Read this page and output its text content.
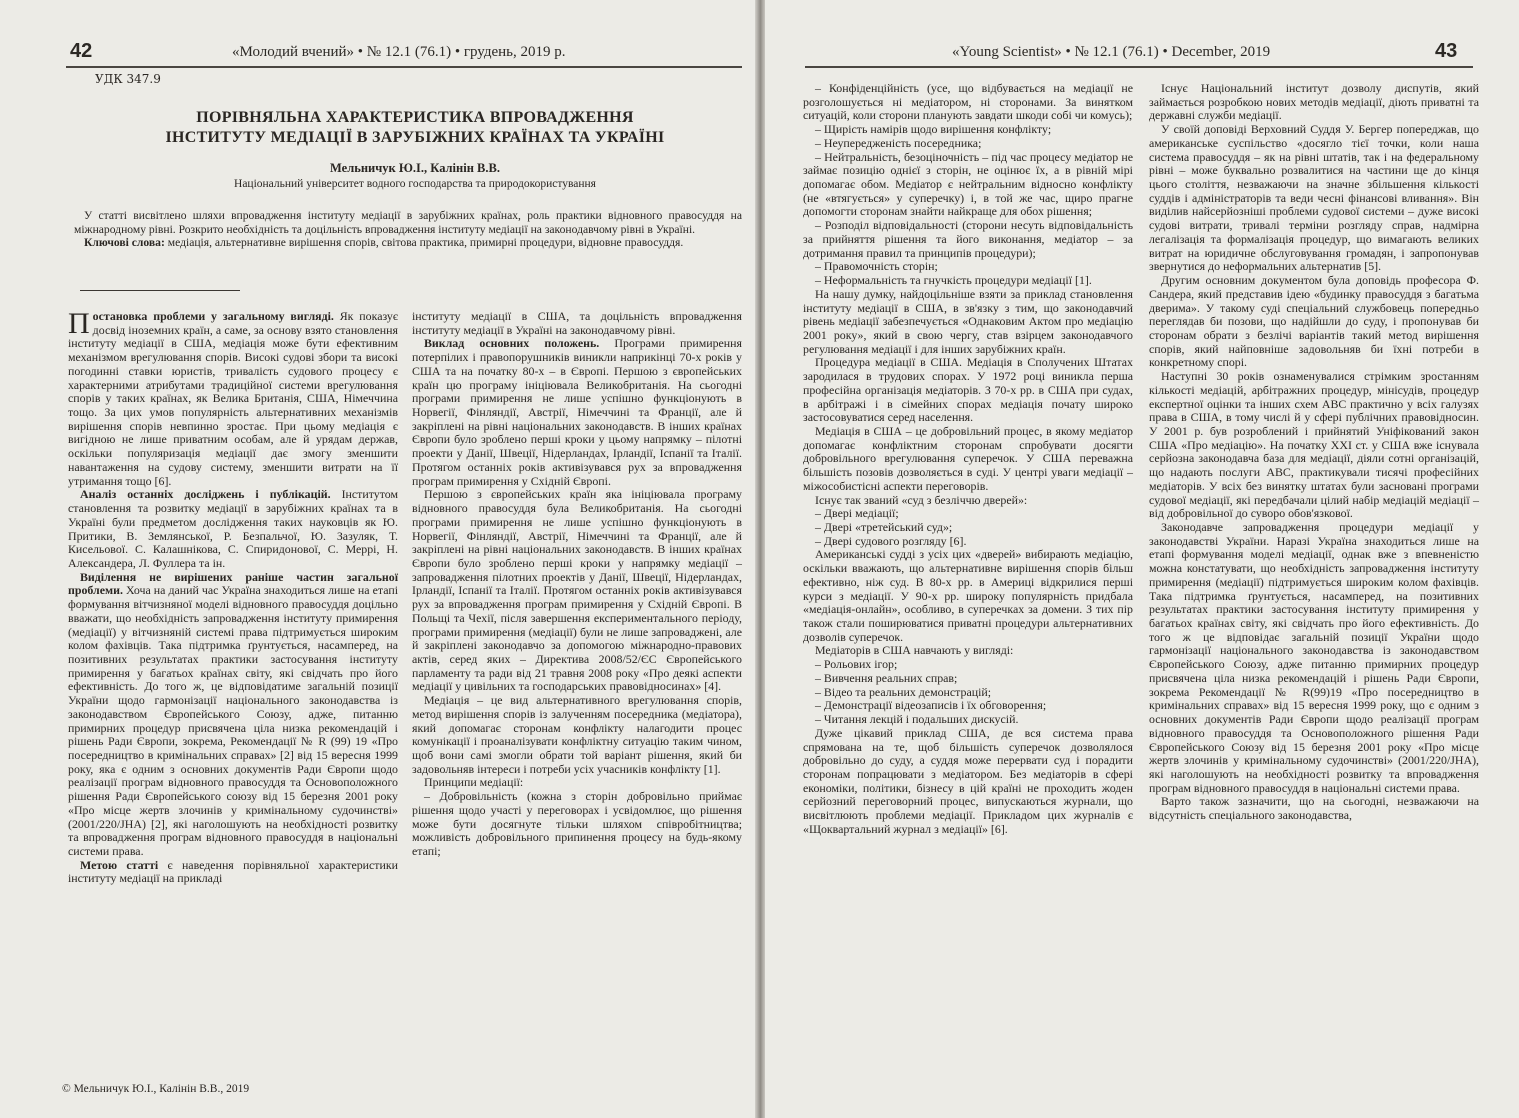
42	«Молодий вчений» • № 12.1 (76.1) • грудень, 2019 р.
УДК 347.9
ПОРІВНЯЛЬНА ХАРАКТЕРИСТИКА ВПРОВАДЖЕННЯ
ІНСТИТУТУ МЕДІАЦІЇ В ЗАРУБІЖНИХ КРАЇНАХ ТА УКРАЇНІ
Мельничук Ю.І., Калінін В.В.
Національний університет водного господарства та природокористування

У статті висвітлено шляхи впровадження інституту медіації в зарубіжних країнах, роль практики відновного правосуддя на міжнародному рівні. Розкрито необхідність та доцільність впровадження інституту медіації на законодавчому рівні в Україні.

Ключові слова: медіація, альтернативне вирішення спорів, світова практика, примирні процедури, відновне правосуддя.

Постановка проблеми у загальному вигляді. Як показує досвід іноземних країн, а саме, за основу взято становлення інституту медіації в США, медіація може бути ефективним механізмом врегулювання спорів. Високі судові збори та високі погодинні ставки юристів, тривалість судового процесу є характерними атрибутами традиційної системи врегулювання спорів у таких країнах, як Велика Британія, США, Німеччина тощо. За цих умов популярність альтернативних механізмів вирішення спорів невпинно зростає. При цьому медіація є вигідною не лише приватним особам, але й урядам держав, оскільки популяризація медіації дає змогу зменшити навантаження на судову систему, зменшити витрати на її утримання тощо [6].

Аналіз останніх досліджень і публікацій. Інститутом становлення та розвитку медіації в зарубіжних країнах та в Україні були предметом дослідження таких науковців як Ю. Притики, В. Землянської, Р. Безпальчої, Ю. Зазуляк, Т. Кисельової. С. Калашнікова, С. Спиридонової, С. Меррі, Н. Александера, Л. Фуллера та ін.

Виділення не вирішених раніше частин загальної проблеми. Хоча на даний час Україна знаходиться лише на етапі формування вітчизняної моделі відновного правосуддя доцільно вважати, що необхідність запровадження інституту примирення (медіації) у вітчизняній системі права підтримується широким колом фахівців. Така підтримка ґрунтується, насамперед, на позитивних результатах практики застосування інституту примирення у багатьох країнах світу, які свідчать про його ефективність. До того ж, це відповідатиме загальній позиції України щодо гармонізації національного законодавства із законодавством Європейського Союзу, адже, питанню примирних процедур присвячена ціла низка рекомендацій і рішень Ради Європи, зокрема, Рекомендації № R (99) 19 «Про посередництво в кримінальних справах» [2] від 15 вересня 1999 року, яка є одним з основних документів Ради Європи щодо реалізації програм відновного правосуддя та Основоположного рішення Ради Європейського союзу від 15 березня 2001 року «Про місце жертв злочинів у кримінальному судочинстві» (2001/220/JHA) [2], які наголошують на необхідності розвитку та впровадження програм відновного правосуддя в національні системи права.

Метою статті є наведення порівняльної характеристики інституту медіації на прикладі

інституту медіації в США, та доцільність впровадження інституту медіації в Україні на законодавчому рівні.

Виклад основних положень. Програми примирення потерпілих і правопорушників виникли наприкінці 70-х років у США та на початку 80-х – в Європі. Першою з європейських країн цю програму ініціювала Великобританія. На сьогодні програми примирення не лише успішно функціонують в Норвегії, Фінляндії, Австрії, Німеччині та Франції, але й закріплені на рівні національних законодавств. В інших країнах Європи було зроблено перші кроки у цьому напрямку – пілотні проекти у Данії, Швеції, Нідерландах, Ірландії, Іспанії та Італії. Протягом останніх років активізувався рух за впровадження програм примирення у Східній Європі.

Першою з європейських країн яка ініціювала програму відновного правосуддя була Великобританія. На сьогодні програми примирення не лише успішно функціонують в Норвегії, Фінляндії, Австрії, Німеччині та Франції, але й закріплені на рівні національних законодавств. В інших країнах Європи було зроблено перші кроки у напрямку медіації – запровадження пілотних проектів у Данії, Швеції, Нідерландах, Ірландії, Іспанії та Італії. Протягом останніх років активізувався рух за впровадження програм примирення у Східній Європі. В Польщі та Чехії, після завершення експериментального періоду, програми примирення (медіації) були не лише запроваджені, але й закріплені законодавчо за допомогою міжнародно-правових актів, серед яких – Директива 2008/52/ЄС Європейського парламенту та ради від 21 травня 2008 року «Про деякі аспекти медіації у цивільних та господарських правовідносинах» [4].

Медіація – це вид альтернативного врегулювання спорів, метод вирішення спорів із залученням посередника (медіатора), який допомагає сторонам конфлікту налагодити процес комунікації і проаналізувати конфліктну ситуацію таким чином, щоб вони самі змогли обрати той варіант рішення, який би задовольняв інтереси і потреби усіх учасників конфлікту [1].

Принципи медіації:

– Добровільність (кожна з сторін добровільно приймає рішення щодо участі у переговорах і усвідомлює, що рішення може бути досягнуте тільки шляхом співробітництва; можливість добровільного припинення процесу на будь-якому етапі;

© Мельничук Ю.І., Калінін В.В., 2019
«Young Scientist» • № 12.1 (76.1) • December, 2019	43

– Конфіденційність (усе, що відбувається на медіації не розголошується ні медіатором, ні сторонами. За винятком ситуацій, коли сторони планують завдати шкоди собі чи комусь);

– Щирість намірів щодо вирішення конфлікту;

– Неупередженість посередника;

– Нейтральність, безоціночність – під час процесу медіатор не займає позицію однієї з сторін, не оцінює їх, а в рівній мірі допомагає обом. Медіатор є нейтральним відносно конфлікту (не «втягується» у суперечку) і, в той же час, щиро прагне допомогти сторонам знайти найкраще для обох рішення;

– Розподіл відповідальності (сторони несуть відповідальність за прийняття рішення та його виконання, медіатор – за дотримання правил та принципів процедури);

– Правомочність сторін;

– Неформальність та гнучкість процедури медіації [1].

На нашу думку, найдоцільніше взяти за приклад становлення інституту медіації в США, в зв'язку з тим, що законодавчий рівень медіації забезпечується «Однаковим Актом про медіацію 2001 року», який в свою чергу, став взірцем законодавчого регулювання медіації і для інших зарубіжних країн.

Процедура медіації в США. Медіація в Сполучених Штатах зародилася в трудових спорах. У 1972 році виникла перша професійна організація медіаторів. З 70-х рр. в США при судах, в арбітражі і в сімейних спорах медіація почату широко застосовуватися серед населення.

Медіація в США – це добровільний процес, в якому медіатор допомагає конфліктним сторонам спробувати досягти добровільного врегулювання суперечок. У США переважна більшість позовів дозволяється в суді. У центрі уваги медіації – міжособистісні аспекти переговорів.

Існує так званий «суд з безліччю дверей»:

– Двері медіації;

– Двері «третейський суд»;

– Двері судового розгляду [6].

Американські судді з усіх цих «дверей» вибирають медіацію, оскільки вважають, що альтернативне вирішення спорів більш ефективно, ніж суд. В 80-х рр. в Америці відкрилися перші курси з медіації. У 90-х рр. широку популярність придбала «медіація-онлайн», особливо, в суперечках за домени. З тих пір також стали поширюватися приватні процедури альтернативних дозволів суперечок.

Медіаторів в США навчають у вигляді:

– Рольових ігор;

– Вивчення реальних справ;

– Відео та реальних демонстрацій;

– Демонстрації відеозаписів і їх обговорення;

– Читання лекцій і подальших дискусій.

Дуже цікавий приклад США, де вся система права спрямована на те, щоб більшість суперечок дозволялося добровільно до суду, а суддя може перервати суд і порадити сторонам попрацювати з медіатором. Без медіаторів в сфері економіки, політики, бізнесу в цій країні не проходить жоден серйозний переговорний процес, випускаються журнали, що висвітлюють проблеми медіації. Прикладом цих журналів є «Щоквартальний журнал з медіації» [6].

Існує Національний інститут дозволу диспутів, який займається розробкою нових методів медіації, діють приватні та державні служби медіації.

У своїй доповіді Верховний Суддя У. Бергер попереджав, що американське суспільство «досягло тієї точки, коли наша система правосуддя – як на рівні штатів, так і на федеральному рівні – може буквально розвалитися на частини ще до кінця цього століття, незважаючи на значне збільшення кількості суддів і адміністраторів та веди чесні фінансові вливання». Він виділив найсерйозніші проблеми судової системи – дуже високі судові витрати, тривалі терміни розгляду справ, надмірна легалізація та формалізація процедур, що вимагають великих витрат на юридичне обслуговування громадян, і запропонував звернутися до неформальних альтернатив [5].

Другим основним документом була доповідь професора Ф. Сандера, який представив ідею «будинку правосуддя з багатьма дверима». У такому суді спеціальний службовець попередньо переглядав би позови, що надійшли до суду, і пропонував би сторонам обрати з безлічі варіантів такий метод вирішення спорів, який найповніше задовольняв би їхні потреби в конкретному спорі.

Наступні 30 років ознаменувалися стрімким зростанням кількості медіацій, арбітражних процедур, мінісудів, процедур експертної оцінки та інших схем АВС практично у всіх галузях права в США, в тому числі й у сфері публічних правовідносин. У 2001 р. був розроблений і прийнятий Уніфікований закон США «Про медіацію». На початку XXI ст. у США вже існувала серйозна законодавча база для медіації, діяли сотні організацій, що надають послуги АВС, практикували тисячі професійних медіаторів. У всіх без винятку штатах були засновані програми судової медіації, які передбачали цілий набір медіацій медіації – від добровільної до суворо обов'язкової.

Законодавче запровадження процедури медіації у законодавстві України. Наразі Україна знаходиться лише на етапі формування моделі медіації, однак вже з впевненістю можна констатувати, що необхідність запровадження інституту примирення (медіації) підтримується широким колом фахівців. Така підтримка ґрунтується, насамперед, на позитивних результатах практики застосування інституту примирення у багатьох країнах світу, які свідчать про його ефективність. До того ж це відповідає загальній позиції України щодо гармонізації національного законодавства із законодавством Європейського Союзу, адже питанню примирних процедур присвячена ціла низка рекомендацій і рішень Ради Європи, зокрема Рекомендації № R(99)19 «Про посередництво в кримінальних справах» від 15 вересня 1999 року, що є одним з основних документів Ради Європи щодо реалізації програм відновного правосуддя та Основоположного рішення Ради Європейського Союзу від 15 березня 2001 року «Про місце жертв злочинів у кримінальному судочинстві» (2001/220/JHA), які наголошують на необхідності розвитку та впровадження програм відновного правосуддя в національні системи права.

Варто також зазначити, що на сьогодні, незважаючи на відсутність спеціального законодавства,
